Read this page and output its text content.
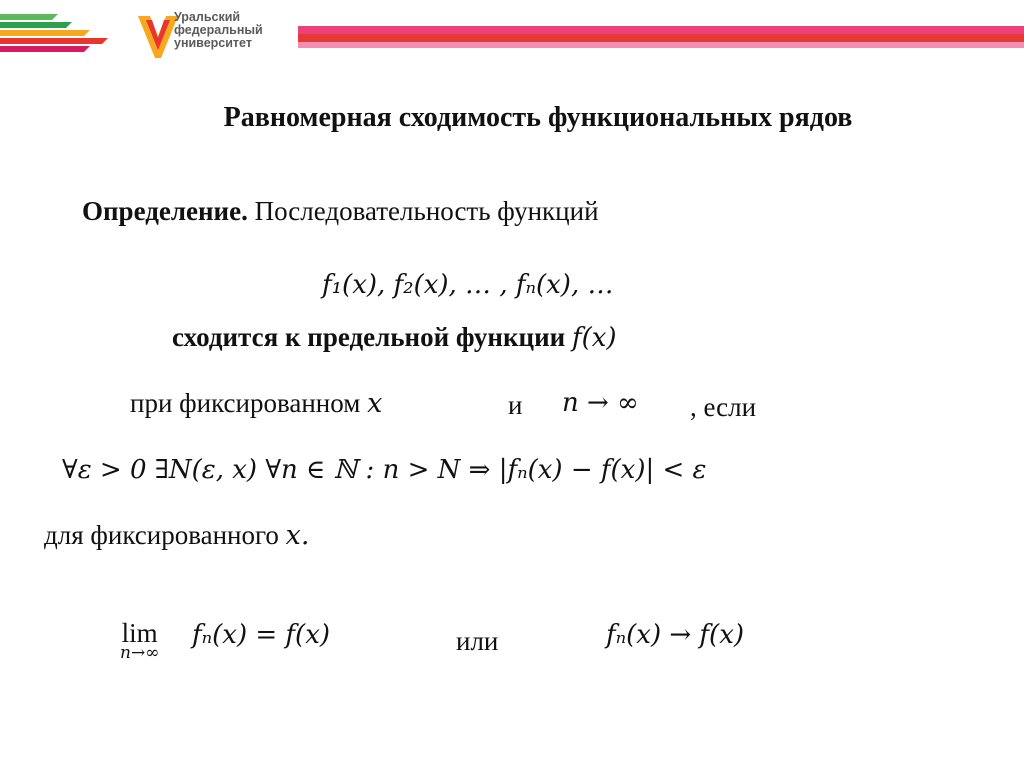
Уральский
федеральный
университет
Равномерная сходимость функциональных рядов
Определение. Последовательность функций
f₁(x), f₂(x), … , fₙ(x), …
сходится к предельной функции f(x)
при фиксированном x	и n → ∞ , если
∀ε > 0 ∃N(ε, x) ∀n ∈ ℕ : n > N ⇒ |fₙ(x) − f(x)| < ε
для фиксированного x.
lim
n→∞
fₙ(x) = f(x)	или	fₙ(x) → f(x)
